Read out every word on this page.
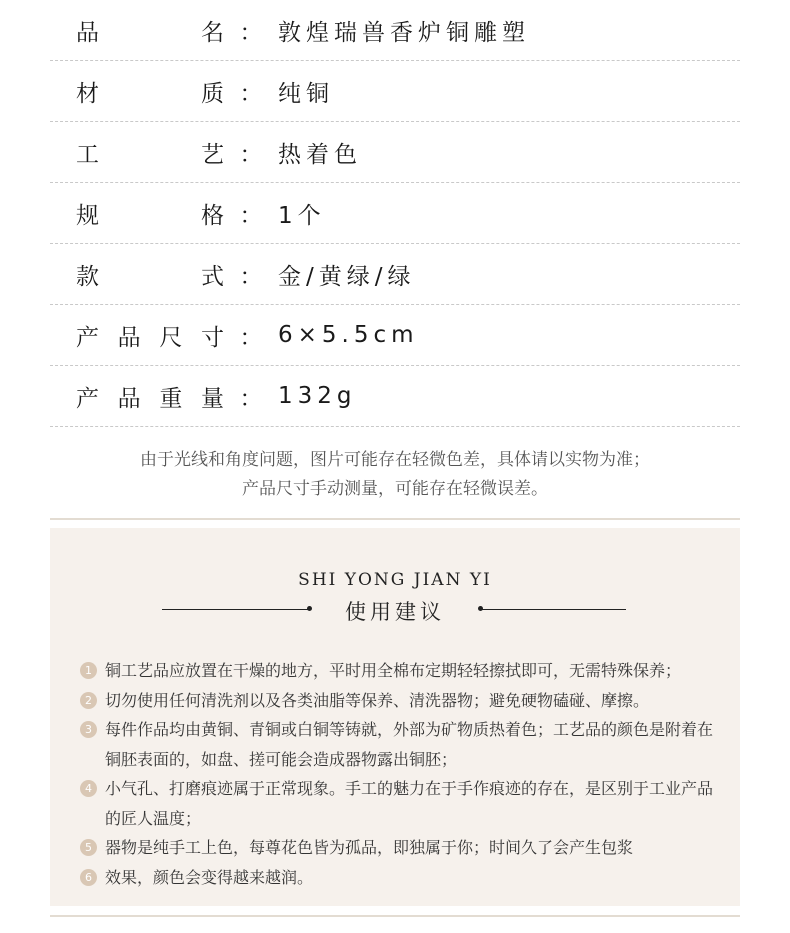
品	名 ： 敦煌瑞兽香炉铜雕塑
材	质 ： 纯铜
工	艺 ： 热着色
规	格 ： 1个
款	式 ： 金/黄绿/绿
产 品 尺 寸 ： 6×5.5cm
产 品 重 量 ： 132g
由于光线和角度问题，图片可能存在轻微色差，具体请以实物为准；
产品尺寸手动测量，可能存在轻微误差。
SHI YONG JIAN YI
使用建议
1 铜工艺品应放置在干燥的地方，平时用全棉布定期轻轻擦拭即可，无需特殊保养；
2 切勿使用任何清洗剂以及各类油脂等保养、清洗器物；避免硬物磕碰、摩擦。
3 每件作品均由黄铜、青铜或白铜等铸就，外部为矿物质热着色；工艺品的颜色是附着在铜胚表面的，如盘、搓可能会造成器物露出铜胚；
4 小气孔、打磨痕迹属于正常现象。手工的魅力在于手作痕迹的存在，是区别于工业产品的匠人温度；
5 器物是纯手工上色，每尊花色皆为孤品，即独属于你；时间久了会产生包浆
6 效果，颜色会变得越来越润。
